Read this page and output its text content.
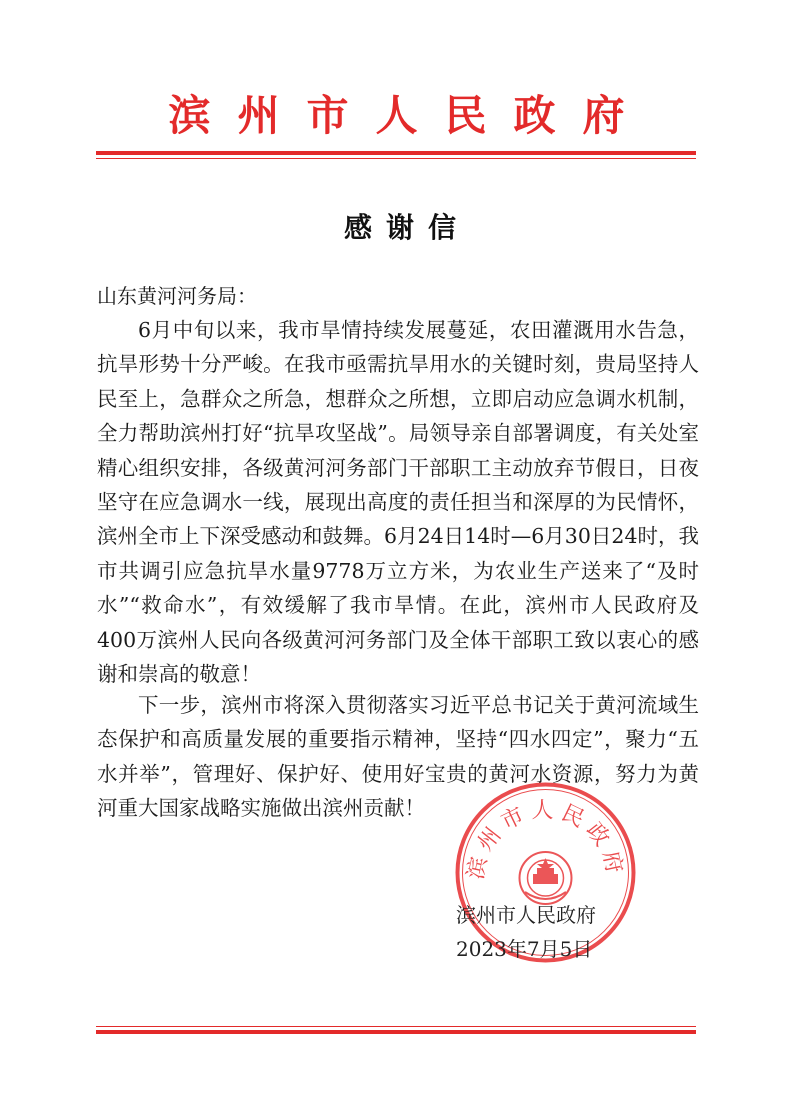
滨州市人民政府
感谢信
山东黄河河务局：

6月中旬以来，我市旱情持续发展蔓延，农田灌溉用水告急，抗旱形势十分严峻。在我市亟需抗旱用水的关键时刻，贵局坚持人民至上，急群众之所急，想群众之所想，立即启动应急调水机制，全力帮助滨州打好“抗旱攻坚战”。局领导亲自部署调度，有关处室精心组织安排，各级黄河河务部门干部职工主动放弃节假日，日夜坚守在应急调水一线，展现出高度的责任担当和深厚的为民情怀，滨州全市上下深受感动和鼓舞。6月24日14时—6月30日24时，我市共调引应急抗旱水量9778万立方米，为农业生产送来了“及时水”“救命水”，有效缓解了我市旱情。在此，滨州市人民政府及400万滨州人民向各级黄河河务部门及全体干部职工致以衷心的感谢和崇高的敬意！

下一步，滨州市将深入贯彻落实习近平总书记关于黄河流域生态保护和高质量发展的重要指示精神，坚持“四水四定”，聚力“五水并举”，管理好、保护好、使用好宝贵的黄河水资源，努力为黄河重大国家战略实施做出滨州贡献！

滨州市人民政府
滨州市人民政府
2023年7月5日
